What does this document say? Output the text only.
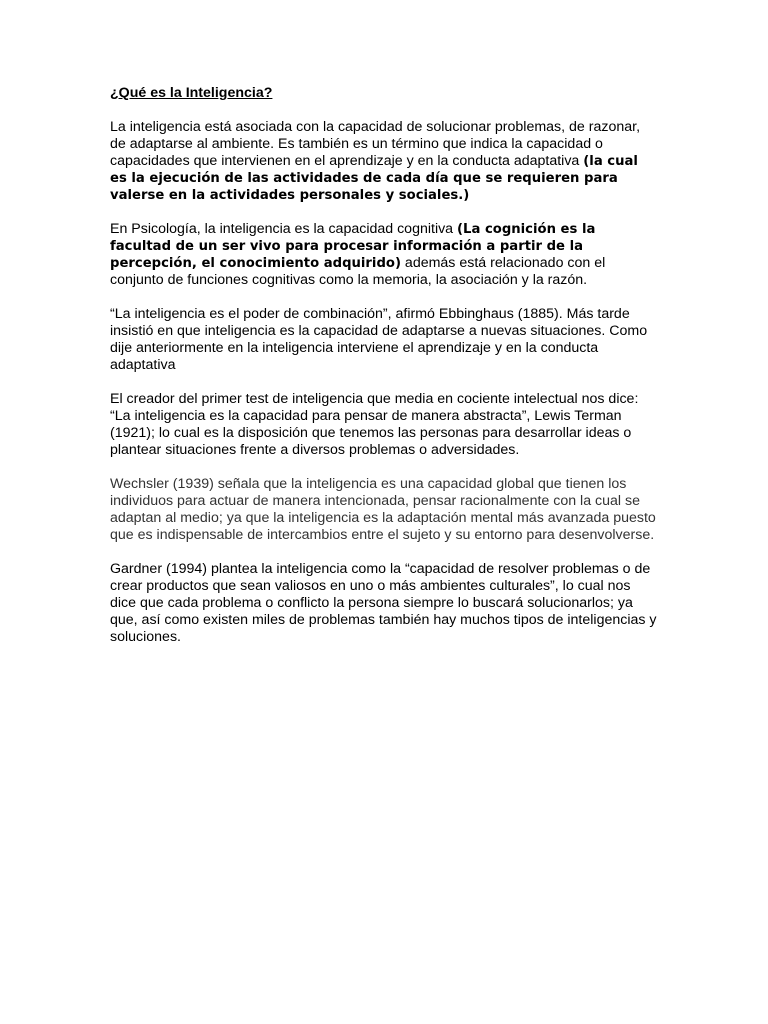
¿Qué es la Inteligencia?

La inteligencia está asociada con la capacidad de solucionar problemas, de razonar, de adaptarse al ambiente. Es también es un término que indica la capacidad o capacidades que intervienen en el aprendizaje y en la conducta adaptativa (la cual es la ejecución de las actividades de cada día que se requieren para valerse en la actividades personales y sociales.)

En Psicología, la inteligencia es la capacidad cognitiva (La cognición es la facultad de un ser vivo para procesar información a partir de la percepción, el conocimiento adquirido) además está relacionado con el conjunto de funciones cognitivas como la memoria, la asociación y la razón.

“La inteligencia es el poder de combinación”, afirmó Ebbinghaus (1885). Más tarde insistió en que inteligencia es la capacidad de adaptarse a nuevas situaciones. Como dije anteriormente en la inteligencia interviene el aprendizaje y en la conducta adaptativa

El creador del primer test de inteligencia que media en cociente intelectual nos dice: “La inteligencia es la capacidad para pensar de manera abstracta”, Lewis Terman (1921); lo cual es la disposición que tenemos las personas para desarrollar ideas o plantear situaciones frente a diversos problemas o adversidades.

Wechsler (1939) señala que la inteligencia es una capacidad global que tienen los individuos para actuar de manera intencionada, pensar racionalmente con la cual se adaptan al medio; ya que la inteligencia es la adaptación mental más avanzada puesto que es indispensable de intercambios entre el sujeto y su entorno para desenvolverse.

Gardner (1994) plantea la inteligencia como la “capacidad de resolver problemas o de crear productos que sean valiosos en uno o más ambientes culturales”, lo cual nos dice que cada problema o conflicto la persona siempre lo buscará solucionarlos; ya que, así como existen miles de problemas también hay muchos tipos de inteligencias y soluciones.
